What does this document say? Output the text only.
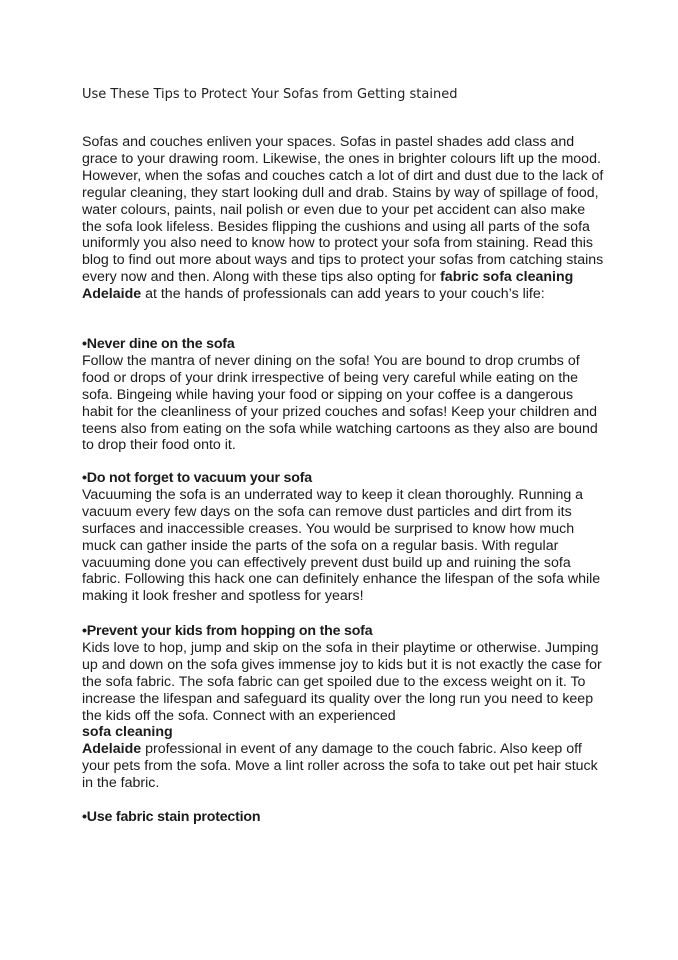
Use These Tips to Protect Your Sofas from Getting stained

Sofas and couches enliven your spaces. Sofas in pastel shades add class and grace to your drawing room. Likewise, the ones in brighter colours lift up the mood. However, when the sofas and couches catch a lot of dirt and dust due to the lack of regular cleaning, they start looking dull and drab. Stains by way of spillage of food, water colours, paints, nail polish or even due to your pet accident can also make the sofa look lifeless. Besides flipping the cushions and using all parts of the sofa uniformly you also need to know how to protect your sofa from staining. Read this blog to find out more about ways and tips to protect your sofas from catching stains every now and then. Along with these tips also opting for fabric sofa cleaning Adelaide at the hands of professionals can add years to your couch’s life:

•Never dine on the sofa

Follow the mantra of never dining on the sofa! You are bound to drop crumbs of food or drops of your drink irrespective of being very careful while eating on the sofa. Bingeing while having your food or sipping on your coffee is a dangerous habit for the cleanliness of your prized couches and sofas! Keep your children and teens also from eating on the sofa while watching cartoons as they also are bound to drop their food onto it.

•Do not forget to vacuum your sofa

Vacuuming the sofa is an underrated way to keep it clean thoroughly. Running a vacuum every few days on the sofa can remove dust particles and dirt from its surfaces and inaccessible creases. You would be surprised to know how much muck can gather inside the parts of the sofa on a regular basis. With regular vacuuming done you can effectively prevent dust build up and ruining the sofa fabric. Following this hack one can definitely enhance the lifespan of the sofa while making it look fresher and spotless for years!

•Prevent your kids from hopping on the sofa

Kids love to hop, jump and skip on the sofa in their playtime or otherwise. Jumping up and down on the sofa gives immense joy to kids but it is not exactly the case for the sofa fabric. The sofa fabric can get spoiled due to the excess weight on it. To increase the lifespan and safeguard its quality over the long run you need to keep the kids off the sofa. Connect with an experienced

sofa cleaning

Adelaide professional in event of any damage to the couch fabric. Also keep off your pets from the sofa. Move a lint roller across the sofa to take out pet hair stuck in the fabric.

•Use fabric stain protection
